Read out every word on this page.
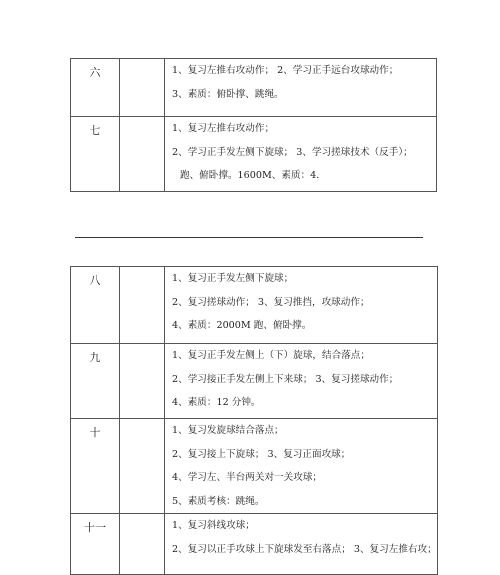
六		1、复习左推右攻动作； 2、学习正手远台攻球动作；
3、素质：俯卧撑、跳绳。

七		1、复习左推右攻动作；
2、学习正手发左侧下旋球； 3、学习搓球技术（反手）；
跑、俯卧撑。1600M、素质：4．
八		1、复习正手发左侧下旋球；
2、复习搓球动作； 3、复习推挡，攻球动作；
4、素质：2000M 跑、俯卧撑。

九		1、复习正手发左侧上（下）旋球，结合落点；
2、学习接正手发左侧上下来球； 3、复习搓球动作；
4、素质：12 分钟。

十		1、复习发旋球结合落点；
2、复习接上下旋球； 3、复习正面攻球；
4、学习左、半台两关对一关攻球；
5、素质考核：跳绳。

十一		1、复习斜线攻球；
2、复习以正手攻球上下旋球发至右落点； 3、复习左推右攻；
